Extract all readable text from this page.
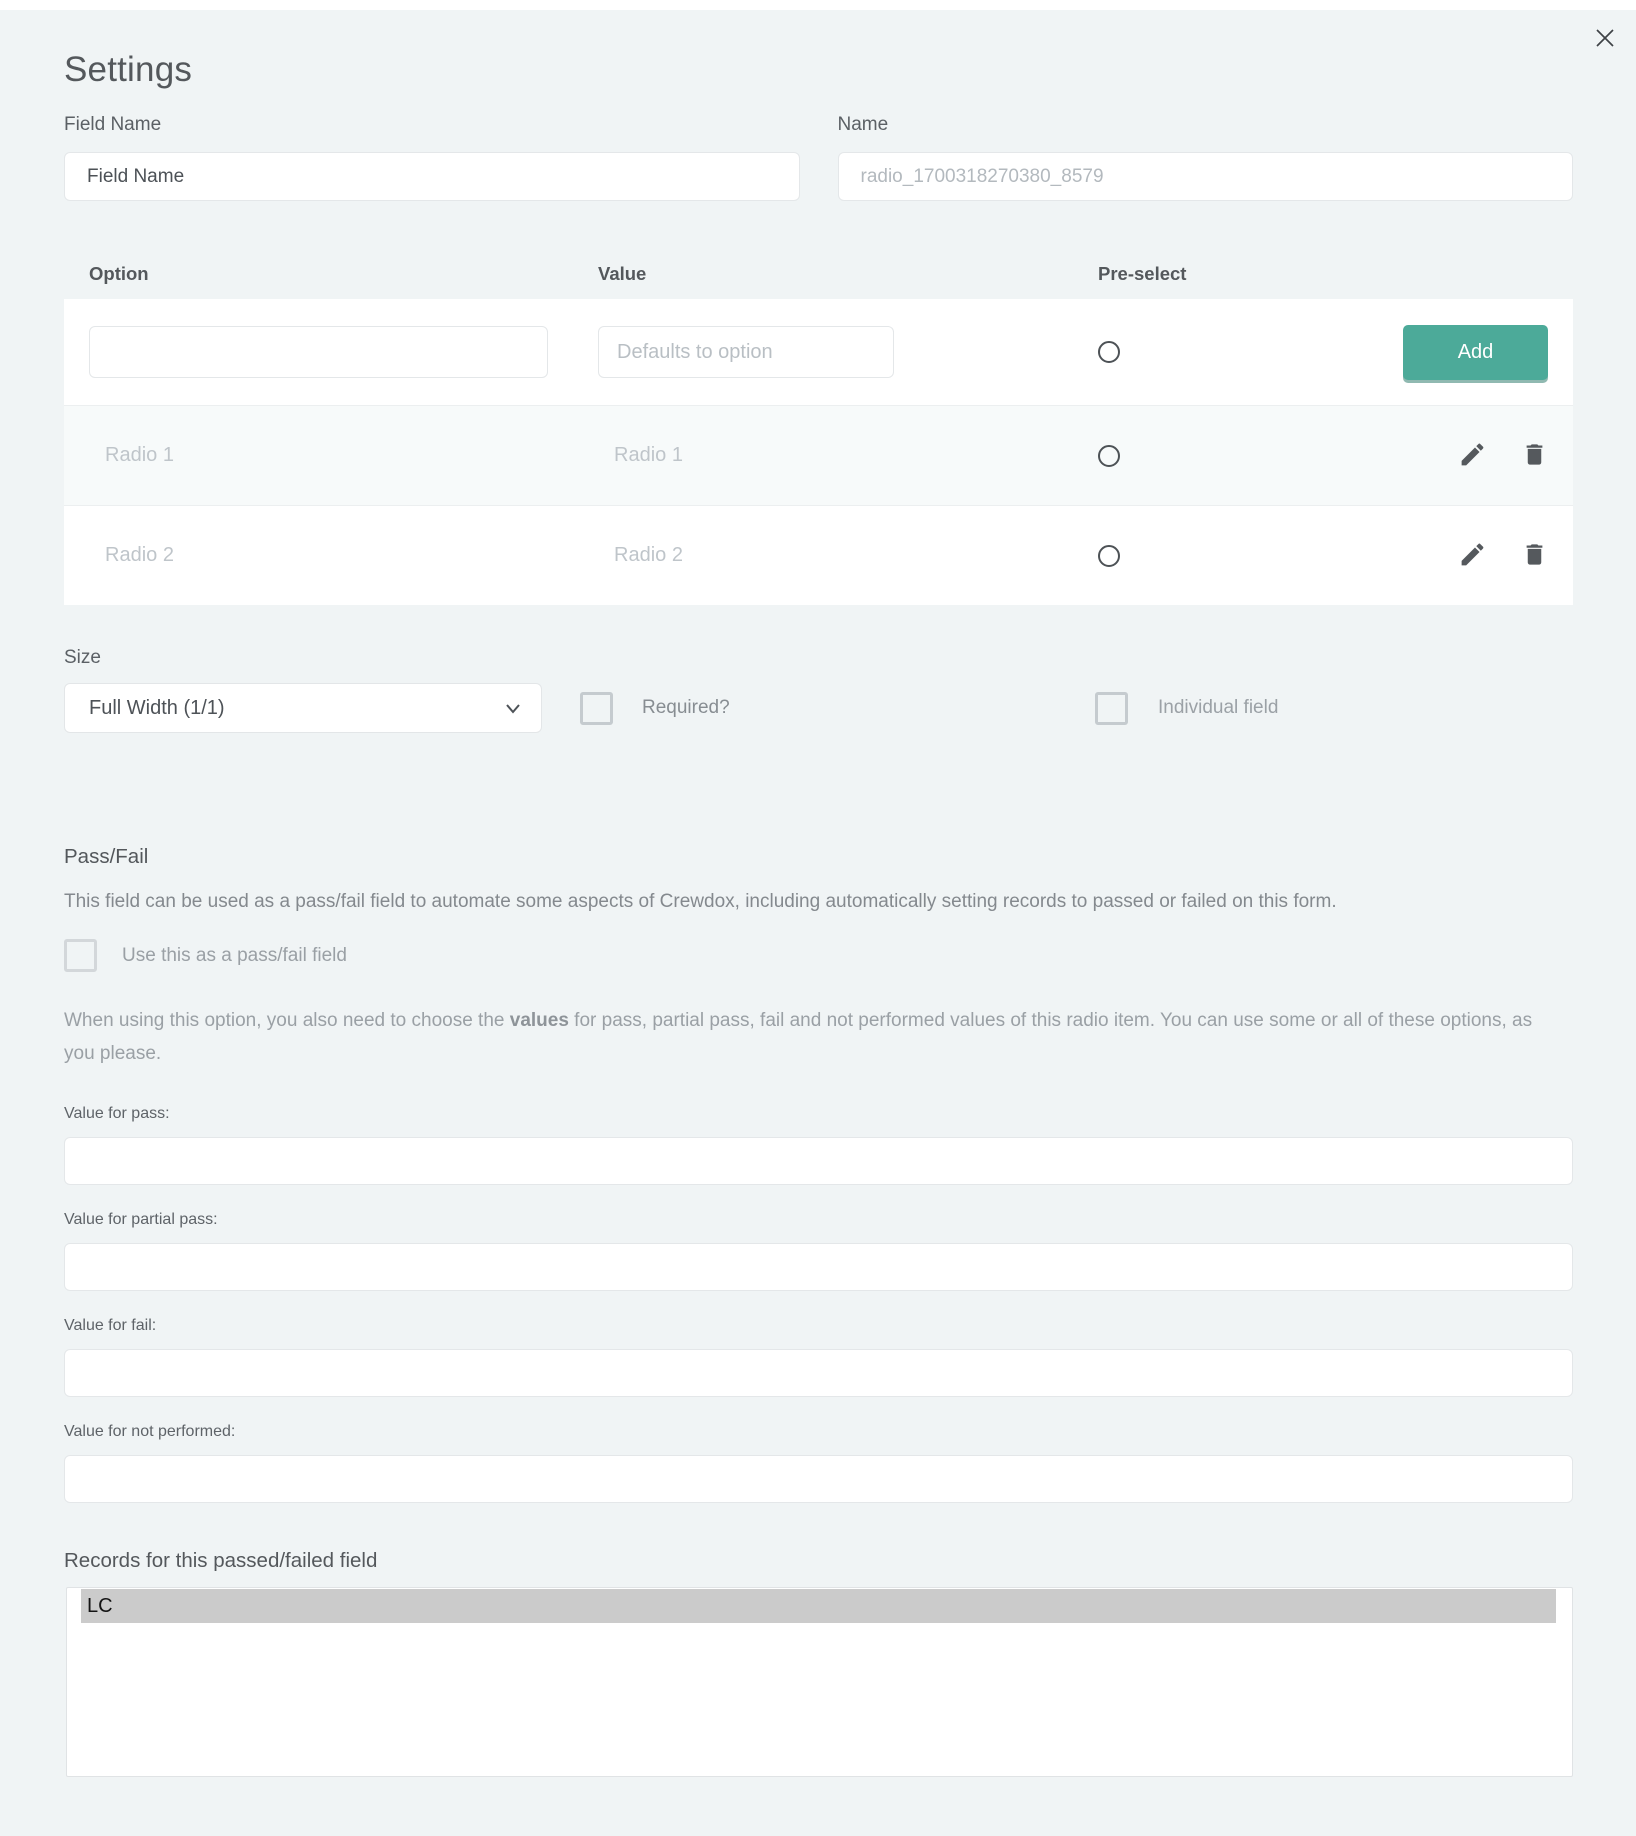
Settings
Field Name	Name
Field Name
radio_1700318270380_8579
Option	Value	Pre-select
Defaults to option
Add
Radio 1	Radio 1
Radio 2	Radio 2
Size
Full Width (1/1)	Required?	Individual field
Pass/Fail
This field can be used as a pass/fail field to automate some aspects of Crewdox, including automatically setting records to passed or failed on this form.
Use this as a pass/fail field
When using this option, you also need to choose the values for pass, partial pass, fail and not performed values of this radio item. You can use some or all of these options, as
you please.
Value for pass:
Value for partial pass:
Value for fail:
Value for not performed:
Records for this passed/failed field
LC
